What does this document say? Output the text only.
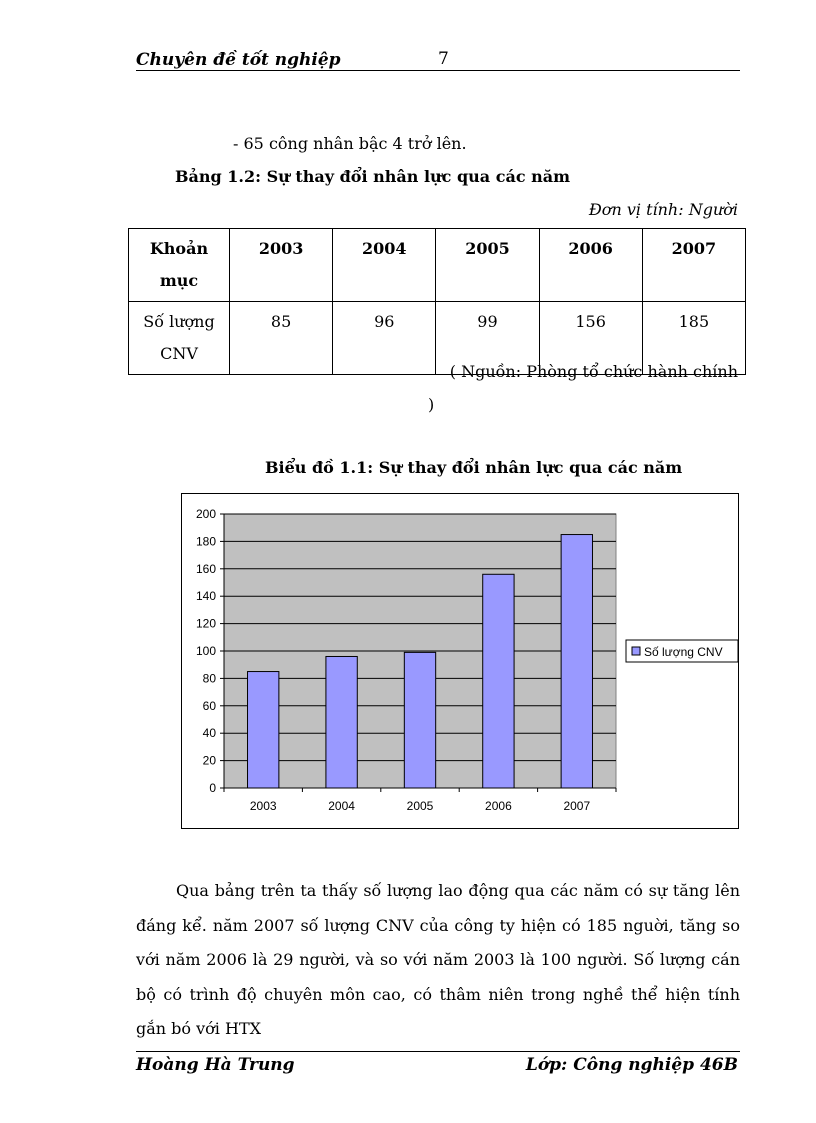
Chuyên đề tốt nghiệp	7
- 65 công nhân bậc 4 trở lên.
Bảng 1.2: Sự thay đổi nhân lực qua các năm
Đơn vị tính: Người
Khoản mục	2003	2004	2005	2006	2007
Số lượng CNV	85	96	99	156	185
( Nguồn: Phòng tổ chức hành chính
)
Biểu đồ 1.1: Sự thay đổi nhân lực qua các năm
0
20
40
60
80
100
120
140
160
180
200
2003	2004	2005	2006	2007
Số lượng CNV

Qua bảng trên ta thấy số lượng lao động qua các năm có sự tăng lên đáng kể. năm 2007 số lượng CNV của công ty hiện có 185 nguời, tăng so với năm 2006 là 29 người, và so với năm 2003 là 100 người. Số lượng cán bộ có trình độ chuyên môn cao, có thâm niên trong nghề thể hiện tính gắn bó với HTX

Hoàng Hà Trung	Lớp: Công nghiệp 46B
